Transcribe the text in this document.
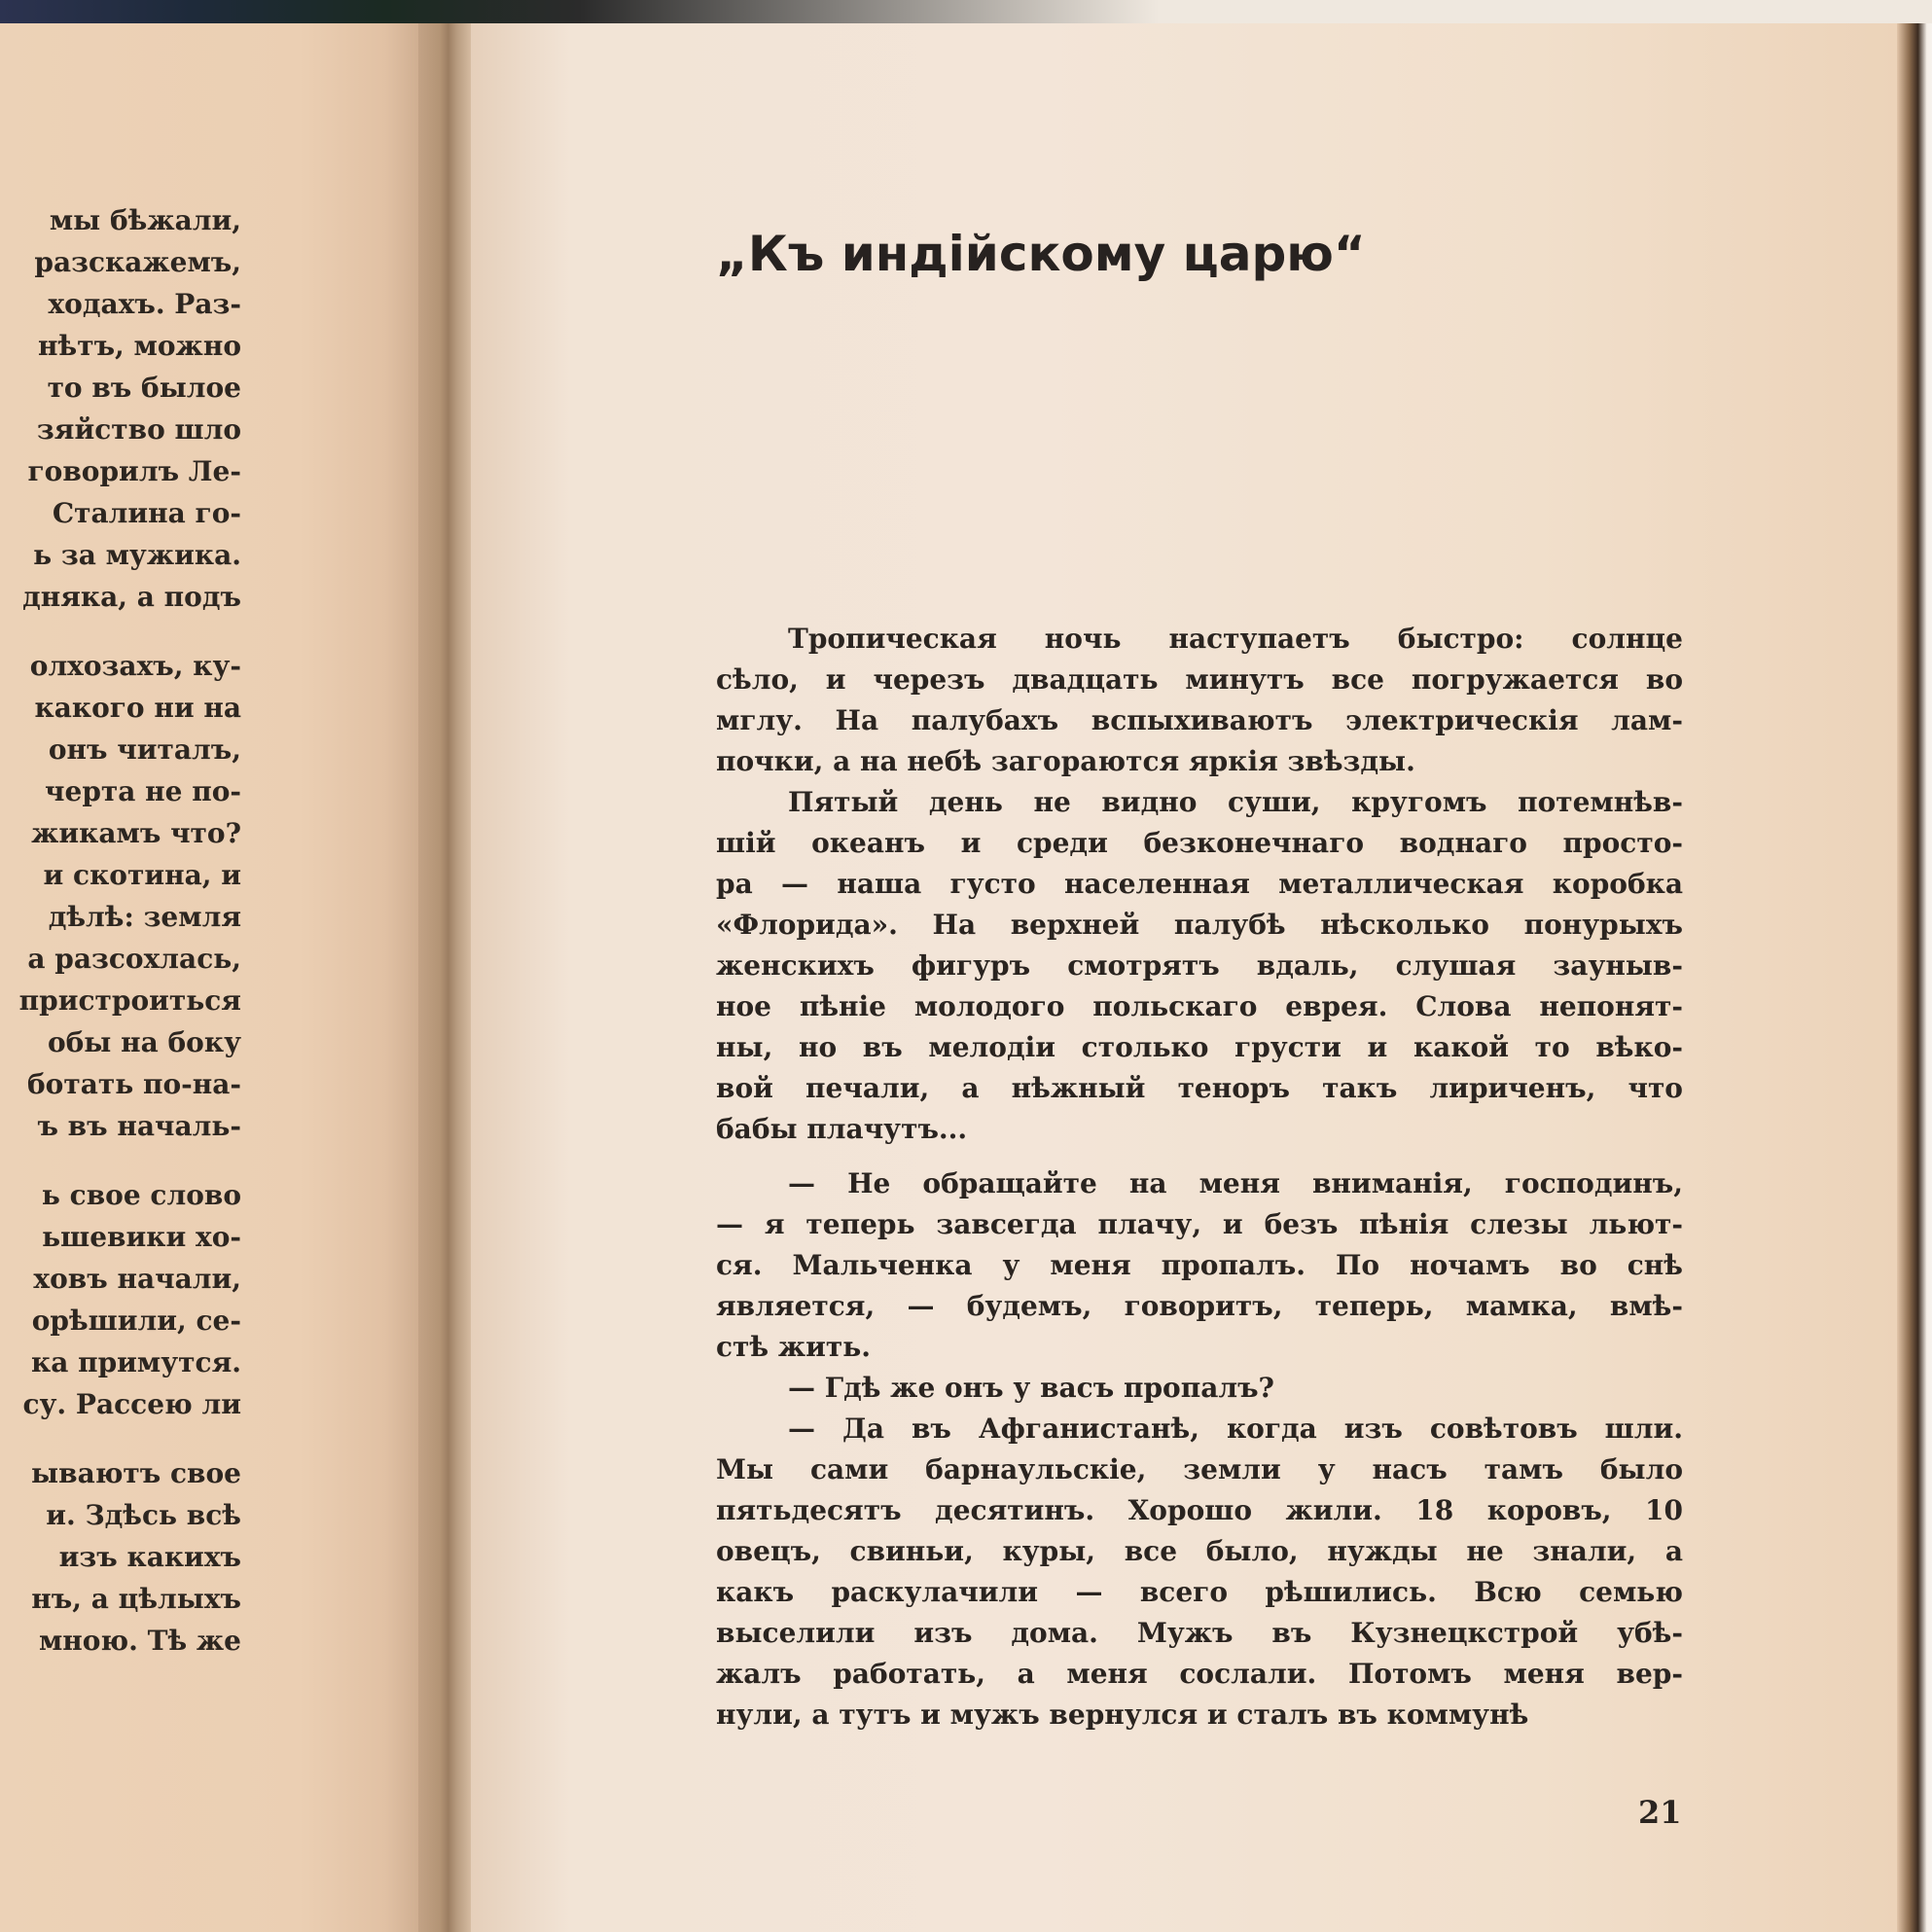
мы бѣжали,
разскажемъ,
ходахъ. Раз-
нѣтъ, можно
то въ былое
зяйство шло
говорилъ Ле-
Сталина го-
ь за мужика.
дняка, а подъ
олхозахъ, ку-
какого ни на
онъ читалъ,
черта не по-
жикамъ что?
и скотина, и
дѣлѣ: земля
а разсохлась,
пристроиться
обы на боку
ботать по-на-
ъ въ началь-
ь свое слово
ьшевики хо-
ховъ начали,
орѣшили, се-
ка примутся.
су. Рассею ли
ываютъ свое
и. Здѣсь всѣ
изъ какихъ
нъ, а цѣлыхъ
мною. Тѣ же
„Къ индійскому царю“
Тропическая ночь наступаетъ быстро: солнце
сѣло, и черезъ двадцать минутъ все погружается во
мглу. На палубахъ вспыхиваютъ электрическія лам-
почки, а на небѣ загораются яркія звѣзды.
Пятый день не видно суши, кругомъ потемнѣв-
шій океанъ и среди безконечнаго воднаго просто-
ра — наша густо населенная металлическая коробка
«Флорида». На верхней палубѣ нѣсколько понурыхъ
женскихъ фигуръ смотрятъ вдаль, слушая зауныв-
ное пѣніе молодого польскаго еврея. Слова непонят-
ны, но въ мелодіи столько грусти и какой то вѣко-
вой печали, а нѣжный теноръ такъ лириченъ, что
бабы плачутъ...
— Не обращайте на меня вниманія, господинъ,
— я теперь завсегда плачу, и безъ пѣнія слезы льют-
ся. Мальченка у меня пропалъ. По ночамъ во снѣ
является, — будемъ, говоритъ, теперь, мамка, вмѣ-
стѣ жить.
— Гдѣ же онъ у васъ пропалъ?
— Да въ Афганистанѣ, когда изъ совѣтовъ шли.
Мы сами барнаульскіе, земли у насъ тамъ было
пятьдесятъ десятинъ. Хорошо жили. 18 коровъ, 10
овецъ, свиньи, куры, все было, нужды не знали, а
какъ раскулачили — всего рѣшились. Всю семью
выселили изъ дома. Мужъ въ Кузнецкстрой убѣ-
жалъ работать, а меня сослали. Потомъ меня вер-
нули, а тутъ и мужъ вернулся и сталъ въ коммунѣ
21
